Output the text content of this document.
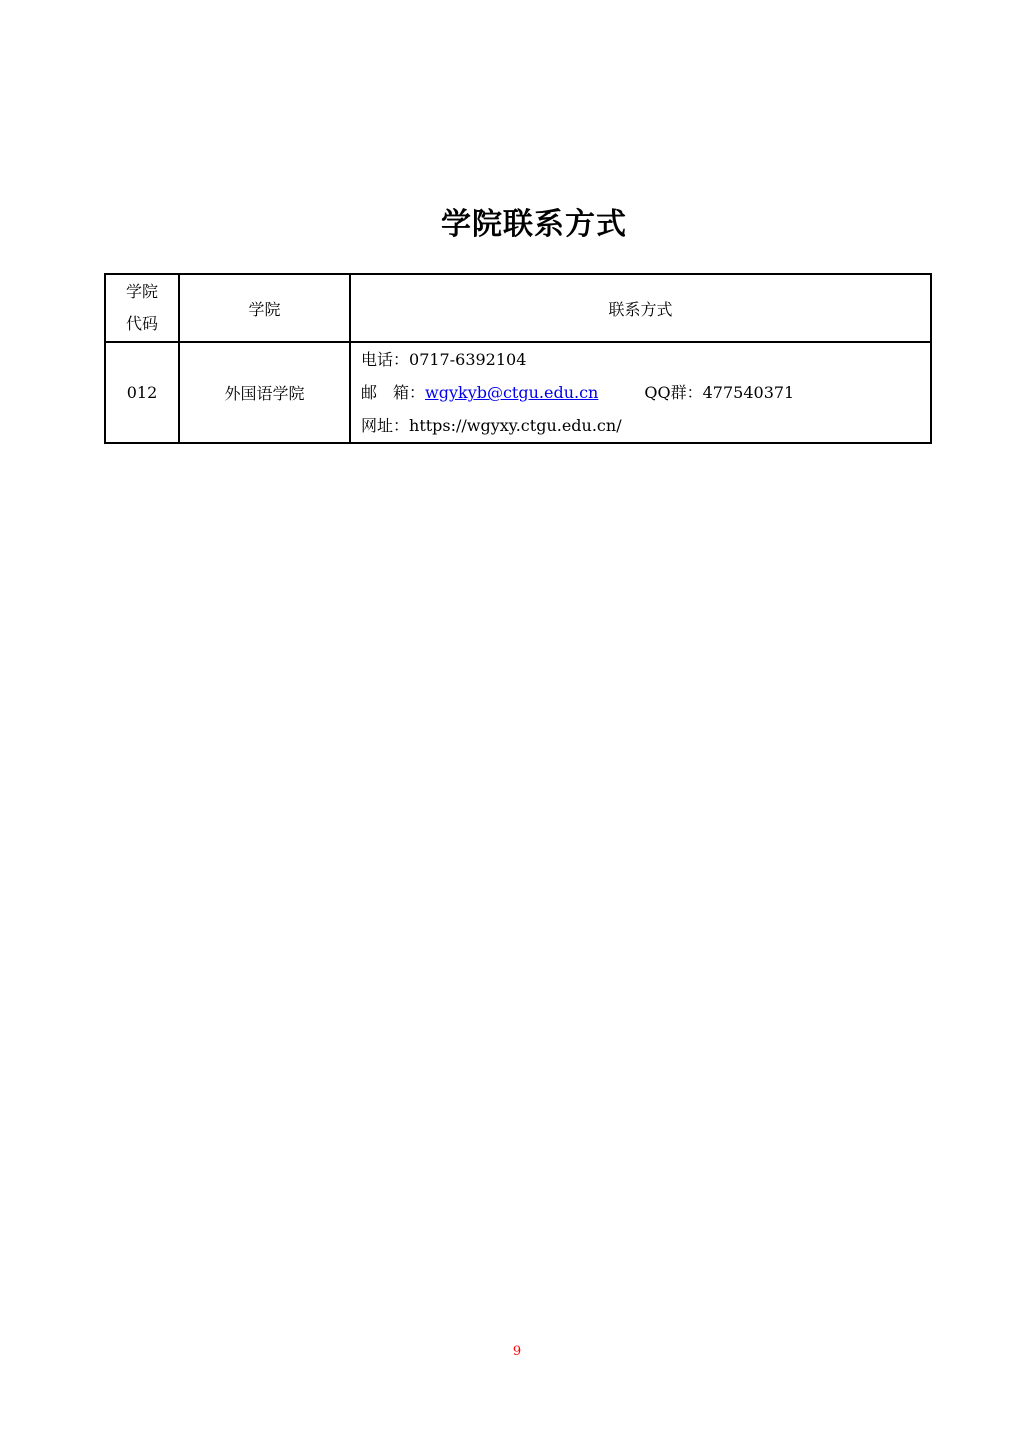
学院联系方式
学院
代码	学院	联系方式
012	外国语学院	电话：0717-6392104
邮　箱：wgykyb@ctgu.edu.cn QQ群：477540371
网址：https://wgyxy.ctgu.edu.cn/
9
